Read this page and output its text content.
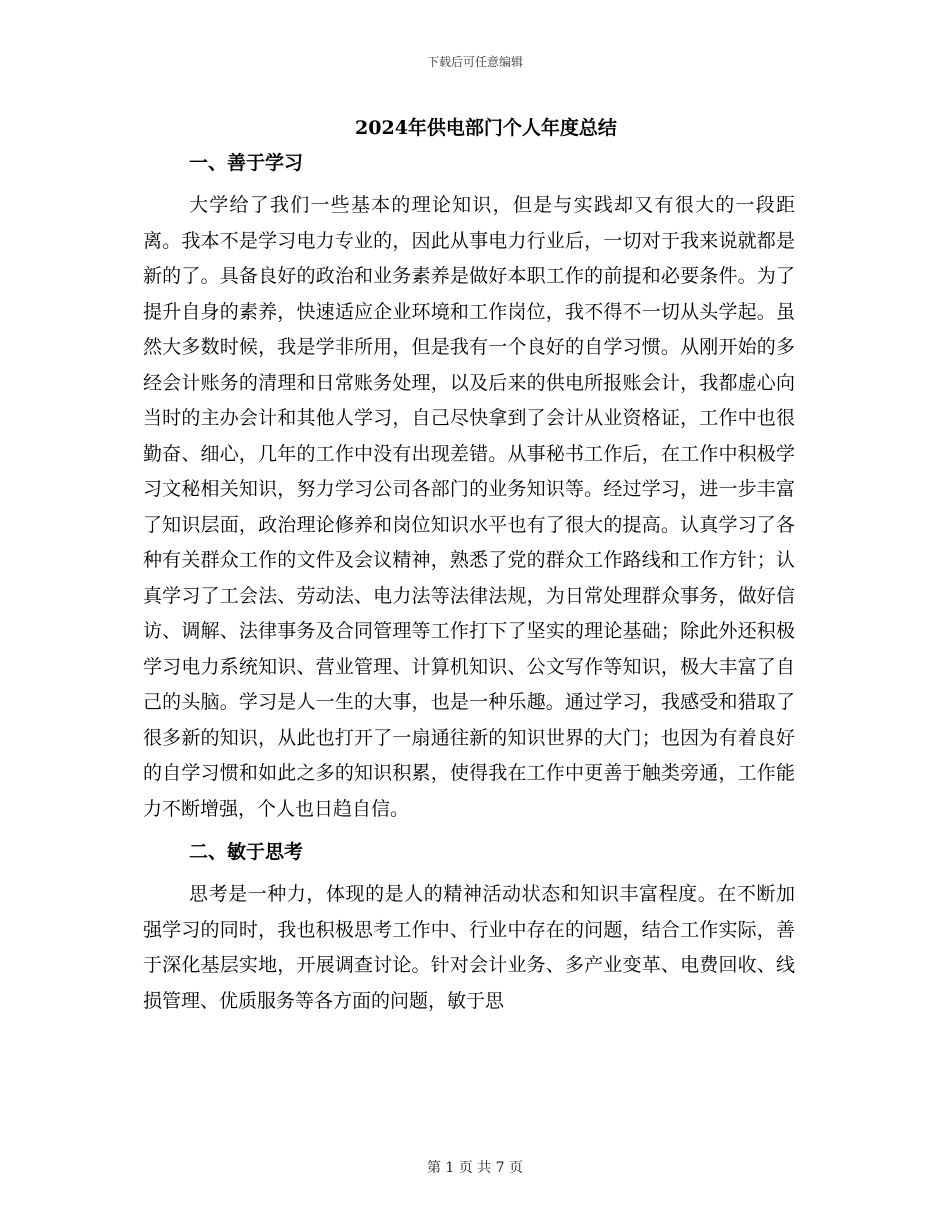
下载后可任意编辑
2024年供电部门个人年度总结
一、善于学习

大学给了我们一些基本的理论知识，但是与实践却又有很大的一段距离。我本不是学习电力专业的，因此从事电力行业后，一切对于我来说就都是新的了。具备良好的政治和业务素养是做好本职工作的前提和必要条件。为了提升自身的素养，快速适应企业环境和工作岗位，我不得不一切从头学起。虽然大多数时候，我是学非所用，但是我有一个良好的自学习惯。从刚开始的多经会计账务的清理和日常账务处理，以及后来的供电所报账会计，我都虚心向当时的主办会计和其他人学习，自己尽快拿到了会计从业资格证，工作中也很勤奋、细心，几年的工作中没有出现差错。从事秘书工作后，在工作中积极学习文秘相关知识，努力学习公司各部门的业务知识等。经过学习，进一步丰富了知识层面，政治理论修养和岗位知识水平也有了很大的提高。认真学习了各种有关群众工作的文件及会议精神，熟悉了党的群众工作路线和工作方针；认真学习了工会法、劳动法、电力法等法律法规，为日常处理群众事务，做好信访、调解、法律事务及合同管理等工作打下了坚实的理论基础；除此外还积极学习电力系统知识、营业管理、计算机知识、公文写作等知识，极大丰富了自己的头脑。学习是人一生的大事，也是一种乐趣。通过学习，我感受和猎取了很多新的知识，从此也打开了一扇通往新的知识世界的大门；也因为有着良好的自学习惯和如此之多的知识积累，使得我在工作中更善于触类旁通，工作能力不断增强，个人也日趋自信。

二、敏于思考

思考是一种力，体现的是人的精神活动状态和知识丰富程度。在不断加强学习的同时，我也积极思考工作中、行业中存在的问题，结合工作实际，善于深化基层实地，开展调查讨论。针对会计业务、多产业变革、电费回收、线损管理、优质服务等各方面的问题，敏于思

第 1 页 共 7 页
